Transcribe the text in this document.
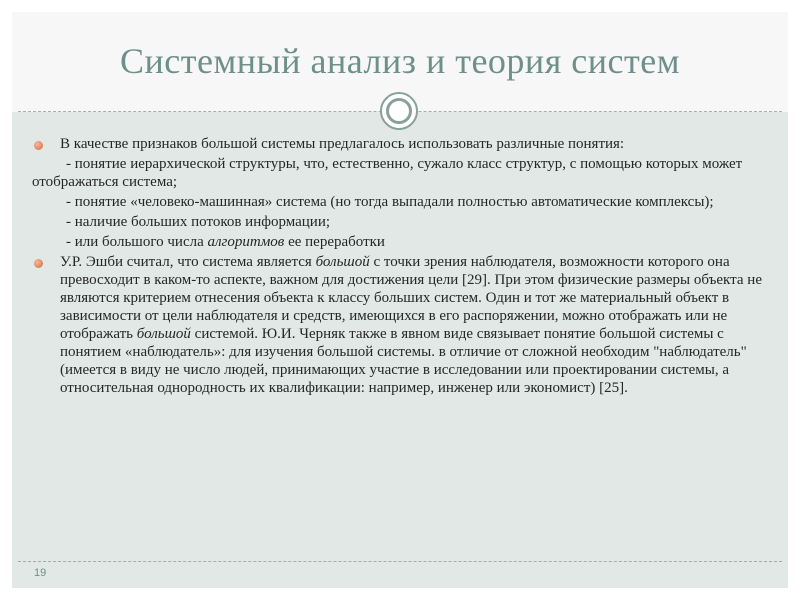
Системный анализ и теория систем

В качестве признаков большой системы предлагалось использовать различные понятия:

- понятие иерархической структуры, что, естественно, сужало класс структур, с помощью которых может отображаться система;

- понятие «человеко-машинная» система (но тогда выпадали полностью автоматические комплексы);

- наличие больших потоков информации;

- или большого числа алгоритмов ее переработки

У.Р. Эшби считал, что система является большой с точки зрения наблюдателя, возможности которого она превосходит в каком-то аспекте, важном для достижения цели [29]. При этом физические размеры объекта не являются критерием отнесения объекта к классу больших систем. Один и тот же материальный объект в зависимости от цели наблюдателя и средств, имеющихся в его распоряжении, можно отображать или не отображать большой системой. Ю.И. Черняк также в явном виде связывает понятие большой системы с понятием «наблюдатель»: для изучения большой системы. в отличие от сложной необходим "наблюдатель" (имеется в виду не число людей, принимающих участие в исследовании или проектировании системы, а относительная однородность их квалификации: например, инженер или экономист) [25].

19
